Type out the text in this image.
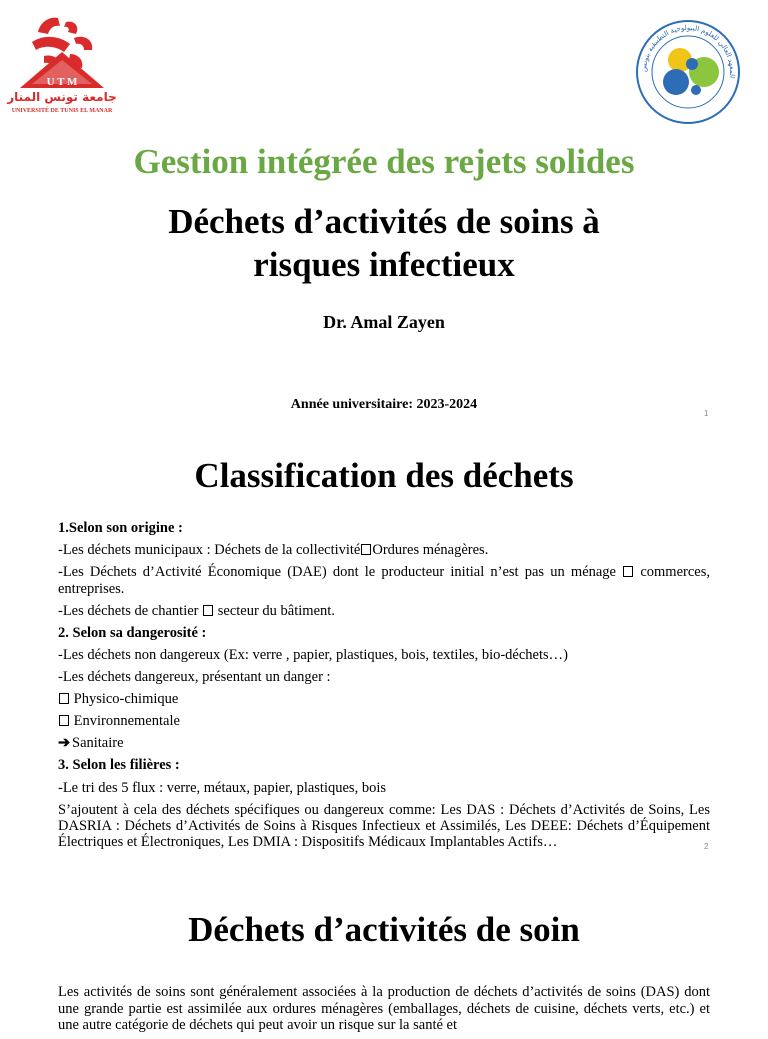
U T M
جامعة تونس المنار
UNIVERSITÉ DE TUNIS EL MANAR
المعهد العالي للعلوم البيولوجية التطبيقية بتونس
Gestion intégrée des rejets solides
Déchets d’activités de soins à
risques infectieux
Dr. Amal Zayen
Année universitaire: 2023-2024
1
Classification des déchets

1.Selon son origine :

-Les déchets municipaux : Déchets de la collectivité Ordures ménagères.

-Les Déchets d’Activité Économique (DAE) dont le producteur initial n’est pas un ménage commerces, entreprises.

-Les déchets de chantier secteur du bâtiment.

2. Selon sa dangerosité :

-Les déchets non dangereux (Ex: verre , papier, plastiques, bois, textiles, bio-déchets…)

-Les déchets dangereux, présentant un danger :

Physico-chimique

Environnementale

➔ Sanitaire

3. Selon les filières :

-Le tri des 5 flux : verre, métaux, papier, plastiques, bois

S’ajoutent à cela des déchets spécifiques ou dangereux comme: Les DAS : Déchets d’Activités de Soins, Les DASRIA : Déchets d’Activités de Soins à Risques Infectieux et Assimilés, Les DEEE: Déchets d’Équipement Électriques et Électroniques, Les DMIA : Dispositifs Médicaux Implantables Actifs…	2
Déchets d’activités de soin

Les activités de soins sont généralement associées à la production de déchets d’activités de soins (DAS) dont une grande partie est assimilée aux ordures ménagères (emballages, déchets de cuisine, déchets verts, etc.) et une autre catégorie de déchets qui peut avoir un risque sur la santé et
